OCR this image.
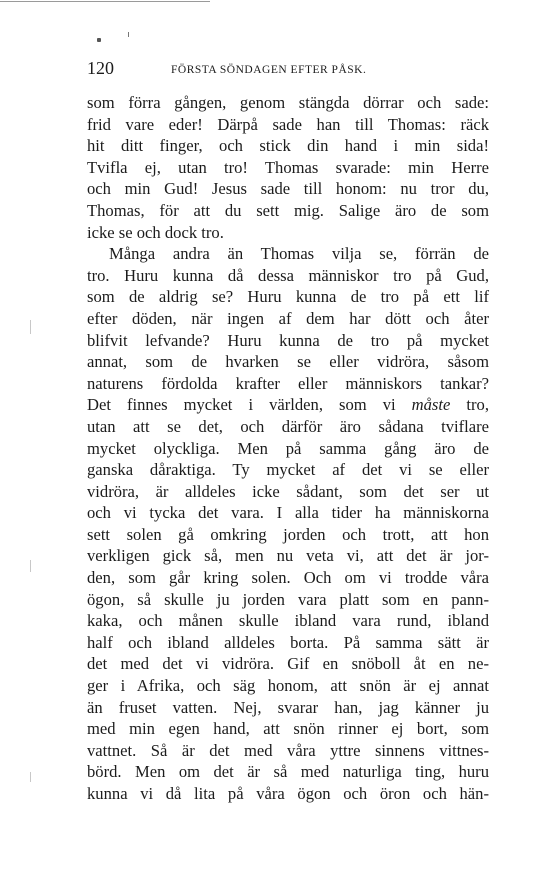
120	FÖRSTA SÖNDAGEN EFTER PÅSK.
som förra gången, genom stängda dörrar och sade:
frid vare eder! Därpå sade han till Thomas: räck
hit ditt finger, och stick din hand i min sida!
Tvifla ej, utan tro! Thomas svarade: min Herre
och min Gud! Jesus sade till honom: nu tror du,
Thomas, för att du sett mig. Salige äro de som
icke se och dock tro.
Många andra än Thomas vilja se, förrän de
tro. Huru kunna då dessa människor tro på Gud,
som de aldrig se? Huru kunna de tro på ett lif
efter döden, när ingen af dem har dött och åter
blifvit lefvande? Huru kunna de tro på mycket
annat, som de hvarken se eller vidröra, såsom
naturens fördolda krafter eller människors tankar?
Det finnes mycket i världen, som vi måste tro,
utan att se det, och därför äro sådana tviflare
mycket olyckliga. Men på samma gång äro de
ganska dåraktiga. Ty mycket af det vi se eller
vidröra, är alldeles icke sådant, som det ser ut
och vi tycka det vara. I alla tider ha människorna
sett solen gå omkring jorden och trott, att hon
verkligen gick så, men nu veta vi, att det är jor-
den, som går kring solen. Och om vi trodde våra
ögon, så skulle ju jorden vara platt som en pann-
kaka, och månen skulle ibland vara rund, ibland
half och ibland alldeles borta. På samma sätt är
det med det vi vidröra. Gif en snöboll åt en ne-
ger i Afrika, och säg honom, att snön är ej annat
än fruset vatten. Nej, svarar han, jag känner ju
med min egen hand, att snön rinner ej bort, som
vattnet. Så är det med våra yttre sinnens vittnes-
börd. Men om det är så med naturliga ting, huru
kunna vi då lita på våra ögon och öron och hän-
